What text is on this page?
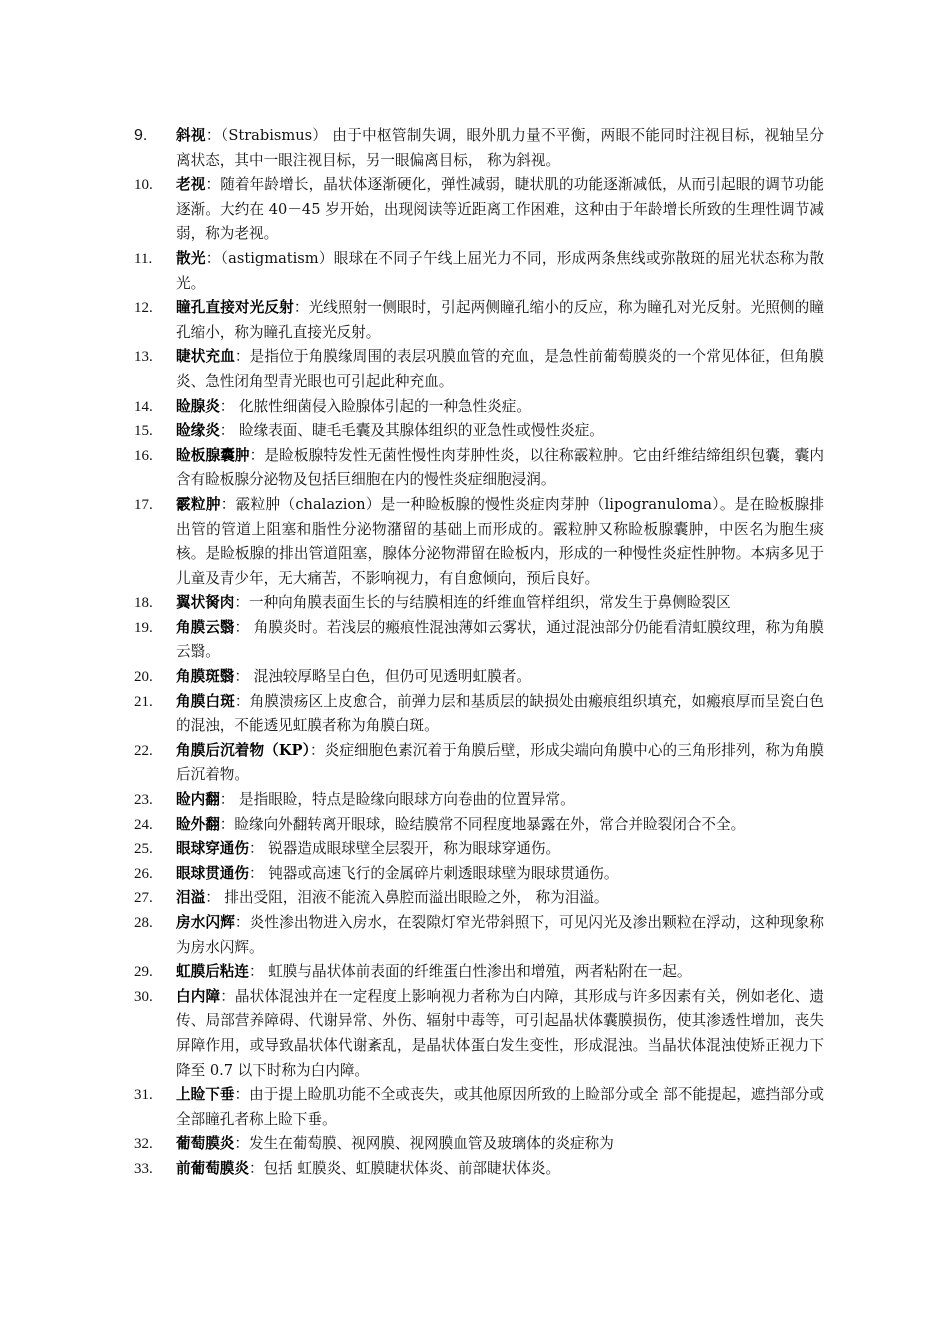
9.	斜视：（Strabismus） 由于中枢管制失调，眼外肌力量不平衡，两眼不能同时注视目标，视轴呈分离状态，其中一眼注视目标，另一眼偏离目标， 称为斜视。
10.	老视：随着年龄增长，晶状体逐渐硬化，弹性减弱，睫状肌的功能逐渐减低，从而引起眼的调节功能逐渐。大约在 40－45 岁开始，出现阅读等近距离工作困难，这种由于年龄增长所致的生理性调节减弱，称为老视。
11.	散光：（astigmatism）眼球在不同子午线上屈光力不同，形成两条焦线或弥散斑的屈光状态称为散光。
12.	瞳孔直接对光反射：光线照射一侧眼时，引起两侧瞳孔缩小的反应，称为瞳孔对光反射。光照侧的瞳孔缩小，称为瞳孔直接光反射。
13.	睫状充血：是指位于角膜缘周围的表层巩膜血管的充血，是急性前葡萄膜炎的一个常见体征，但角膜炎、急性闭角型青光眼也可引起此种充血。
14.	睑腺炎： 化脓性细菌侵入睑腺体引起的一种急性炎症。
15.	睑缘炎： 睑缘表面、睫毛毛囊及其腺体组织的亚急性或慢性炎症。
16.	睑板腺囊肿：是睑板腺特发性无菌性慢性肉芽肿性炎，以往称霰粒肿。它由纤维结缔组织包囊，囊内含有睑板腺分泌物及包括巨细胞在内的慢性炎症细胞浸润。
17.	霰粒肿：霰粒肿（chalazion）是一种睑板腺的慢性炎症肉芽肿（lipogranuloma）。是在睑板腺排出管的管道上阻塞和脂性分泌物潴留的基础上而形成的。霰粒肿又称睑板腺囊肿，中医名为胞生痰核。是睑板腺的排出管道阻塞，腺体分泌物滞留在睑板内，形成的一种慢性炎症性肿物。本病多见于儿童及青少年，无大痛苦，不影响视力，有自愈倾向，预后良好。
18.	翼状胬肉：一种向角膜表面生长的与结膜相连的纤维血管样组织，常发生于鼻侧睑裂区
19.	角膜云翳： 角膜炎时。若浅层的瘢痕性混浊薄如云雾状，通过混浊部分仍能看清虹膜纹理，称为角膜云翳。
20.	角膜斑翳： 混浊较厚略呈白色，但仍可见透明虹膜者。
21.	角膜白斑：角膜溃疡区上皮愈合，前弹力层和基质层的缺损处由瘢痕组织填充，如瘢痕厚而呈瓷白色的混浊，不能透见虹膜者称为角膜白斑。
22.	角膜后沉着物（KP）：炎症细胞色素沉着于角膜后壁，形成尖端向角膜中心的三角形排列，称为角膜后沉着物。
23.	睑内翻： 是指眼睑，特点是睑缘向眼球方向卷曲的位置异常。
24.	睑外翻：睑缘向外翻转离开眼球，睑结膜常不同程度地暴露在外，常合并睑裂闭合不全。
25.	眼球穿通伤： 锐器造成眼球壁全层裂开，称为眼球穿通伤。
26.	眼球贯通伤： 钝器或高速飞行的金属碎片刺透眼球壁为眼球贯通伤。
27.	泪溢： 排出受阻，泪液不能流入鼻腔而溢出眼睑之外， 称为泪溢。
28.	房水闪辉：炎性渗出物进入房水，在裂隙灯窄光带斜照下，可见闪光及渗出颗粒在浮动，这种现象称为房水闪辉。
29.	虹膜后粘连： 虹膜与晶状体前表面的纤维蛋白性渗出和增殖，两者粘附在一起。
30.	白内障：晶状体混浊并在一定程度上影响视力者称为白内障，其形成与许多因素有关，例如老化、遗传、局部营养障碍、代谢异常、外伤、辐射中毒等，可引起晶状体囊膜损伤，使其渗透性增加，丧失屏障作用，或导致晶状体代谢紊乱，是晶状体蛋白发生变性，形成混浊。当晶状体混浊使矫正视力下降至 0.7 以下时称为白内障。
31.	上睑下垂：由于提上睑肌功能不全或丧失，或其他原因所致的上睑部分或全 部不能提起，遮挡部分或全部瞳孔者称上睑下垂。
32.	葡萄膜炎：发生在葡萄膜、视网膜、视网膜血管及玻璃体的炎症称为
33.	前葡萄膜炎：包括 虹膜炎、虹膜睫状体炎、前部睫状体炎。
